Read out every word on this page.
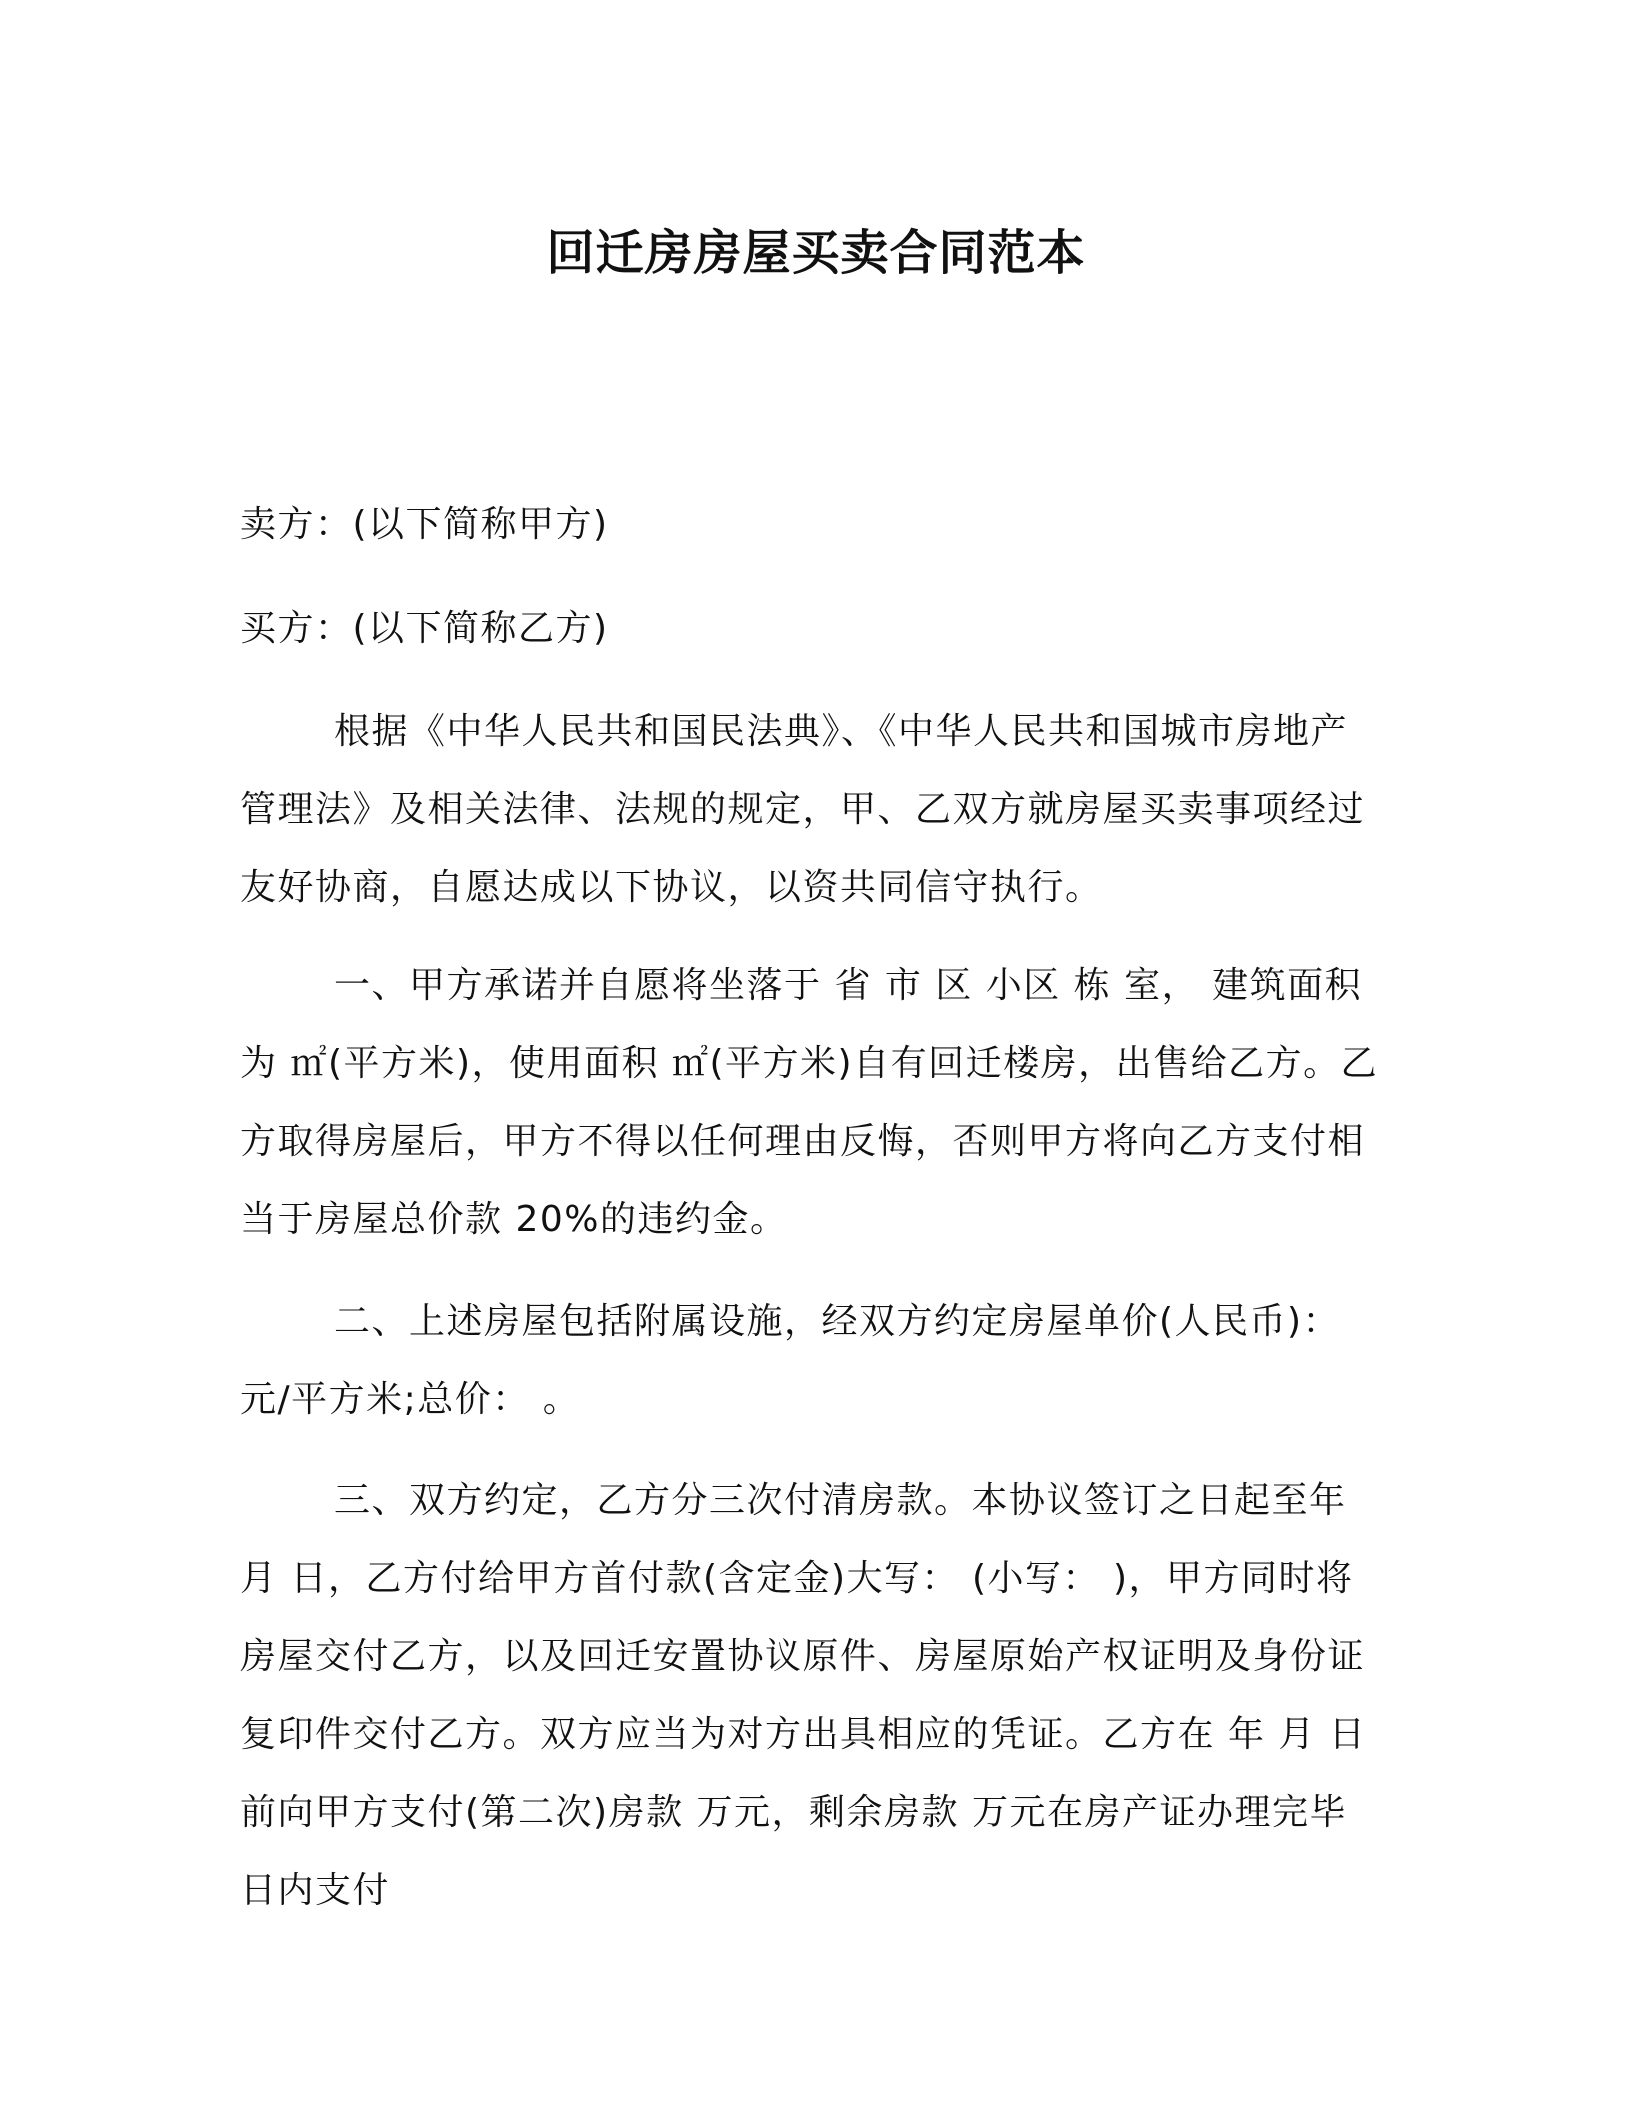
回迁房房屋买卖合同范本

卖方：(以下简称甲方)

买方：(以下简称乙方)

根据《中华人民共和国民法典》、《中华人民共和国城市房地产管理法》及相关法律、法规的规定，甲、乙双方就房屋买卖事项经过友好协商，自愿达成以下协议，以资共同信守执行。

一、甲方承诺并自愿将坐落于 省 市 区 小区 栋 室， 建筑面积为 ㎡(平方米)，使用面积 ㎡(平方米)自有回迁楼房，出售给乙方。乙方取得房屋后，甲方不得以任何理由反悔，否则甲方将向乙方支付相当于房屋总价款 20%的违约金。

二、上述房屋包括附属设施，经双方约定房屋单价(人民币)： 元/平方米;总价： 。

三、双方约定，乙方分三次付清房款。本协议签订之日起至年 月 日，乙方付给甲方首付款(含定金)大写： (小写： )，甲方同时将房屋交付乙方，以及回迁安置协议原件、房屋原始产权证明及身份证复印件交付乙方。双方应当为对方出具相应的凭证。乙方在 年 月 日前向甲方支付(第二次)房款 万元，剩余房款 万元在房产证办理完毕 日内支付
